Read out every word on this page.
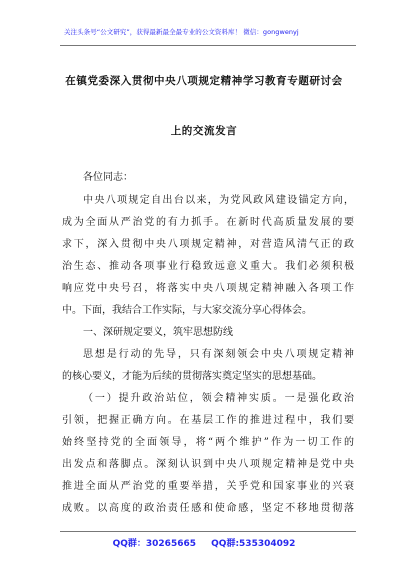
关注头条号“公文研究”，获得最新最全最专业的公文资料库！ 微信：gongwenyj
在镇党委深入贯彻中央八项规定精神学习教育专题研讨会
上的交流发言
各位同志：
中 央 八 项 规 定 自 出 台 以 来 ， 为 党 风 政 风 建 设 锚 定 方 向 ，
成 为 全 面 从 严 治 党 的 有 力 抓 手 。 在 新 时 代 高 质 量 发 展 的 要
求 下 ， 深 入 贯 彻 中 央 八 项 规 定 精 神 ， 对 营 造 风 清 气 正 的 政
治 生 态 、 推 动 各 项 事 业 行 稳 致 远 意 义 重 大 。 我 们 必 须 积 极
响 应 党 中 央 号 召 ， 将 落 实 中 央 八 项 规 定 精 神 融 入 各 项 工 作
中。下面，我结合工作实际，与大家交流分享心得体会。
一、深研规定要义，筑牢思想防线
思 想 是 行 动 的 先 导 ， 只 有 深 刻 领 会 中 央 八 项 规 定 精 神
的核心要义，才能为后续的贯彻落实奠定坚实的思想基础。
（ 一 ） 提 升 政 治 站 位 ， 领 会 精 神 实 质 。 一 是 强 化 政 治
引 领 ， 把 握 正 确 方 向 。 在 基 层 工 作 的 推 进 过 程 中 ， 我 们 要
始 终 坚 持 党 的 全 面 领 导 ， 将 “ 两 个 维 护 ” 作 为 一 切 工 作 的
出 发 点 和 落 脚 点 。 深 刻 认 识 到 中 央 八 项 规 定 精 神 是 党 中 央
推 进 全 面 从 严 治 党 的 重 要 举 措 ， 关 乎 党 和 国 家 事 业 的 兴 衰
成 败 。 以 高 度 的 政 治 责 任 感 和 使 命 感 ， 坚 定 不 移 地 贯 彻 落
QQ群：30265665 QQ群:535304092
